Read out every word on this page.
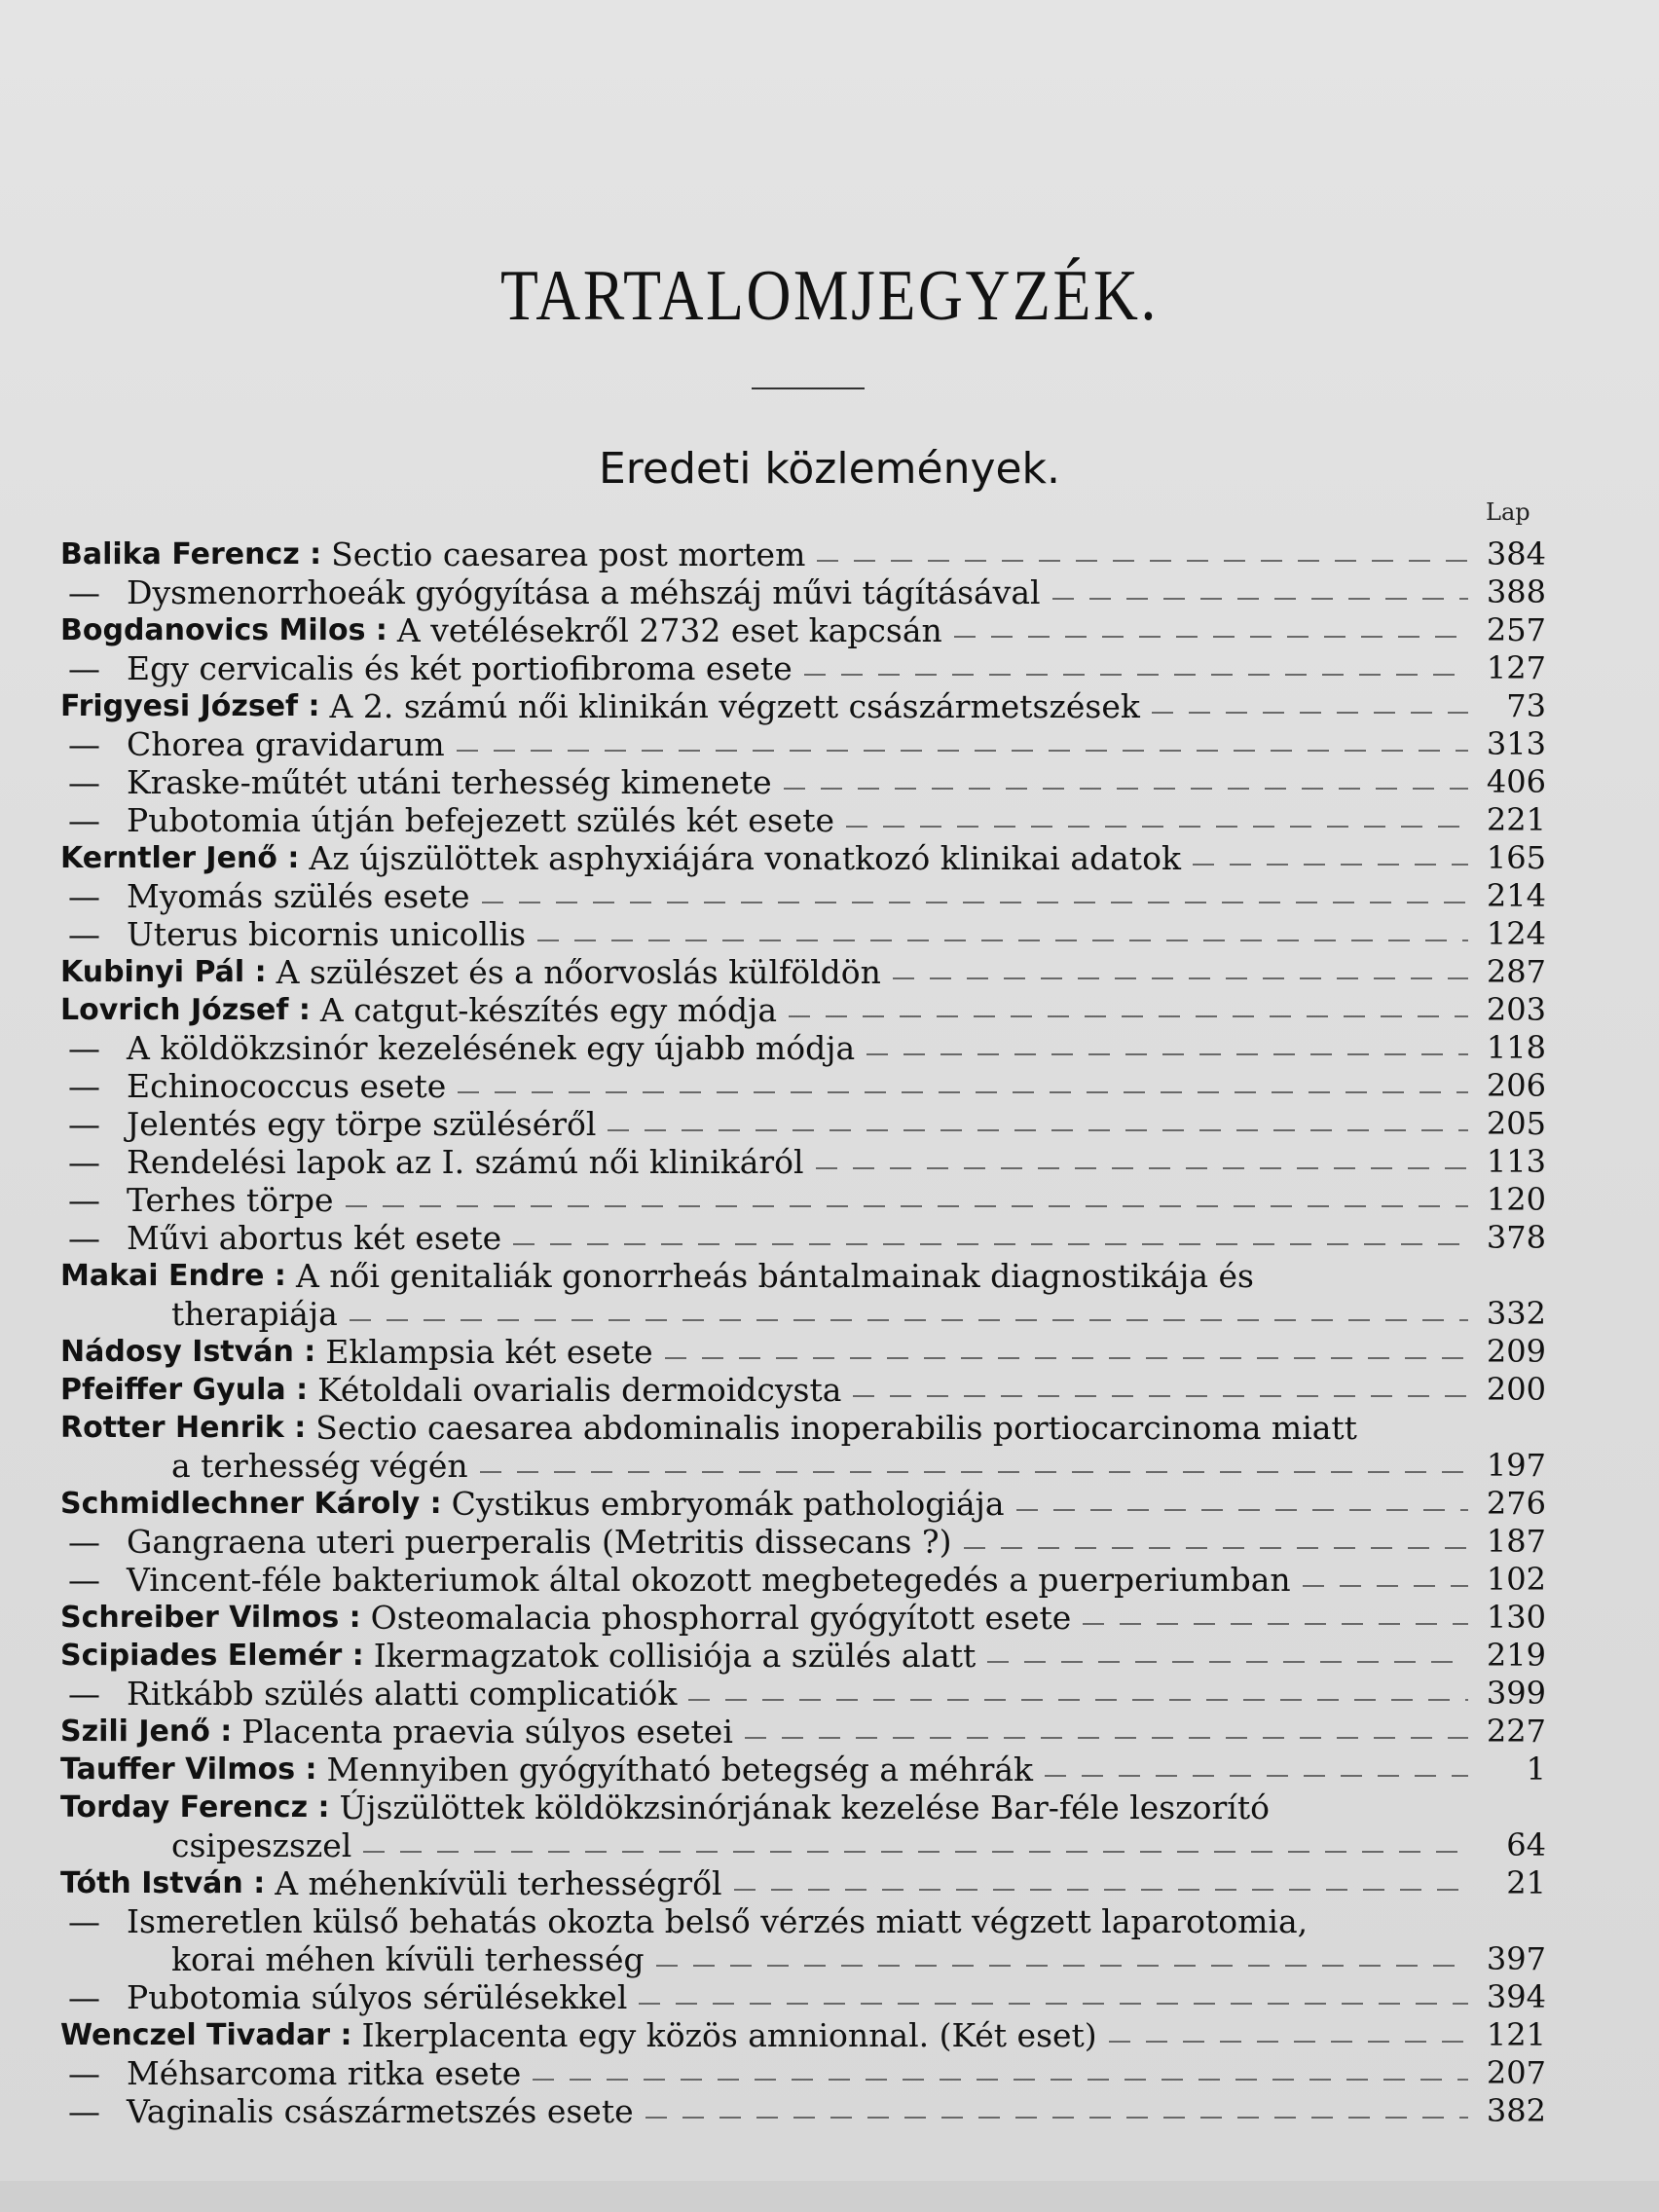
TARTALOMJEGYZÉK.
Eredeti közlemények.
Lap
Balika Ferencz : Sectio caesarea post mortem	384
— Dysmenorrhoeák gyógyítása a méhszáj művi tágításával	388
Bogdanovics Milos : A vetélésekről 2732 eset kapcsán	257
— Egy cervicalis és két portiofibroma esete	127
Frigyesi József : A 2. számú női klinikán végzett császármetszések	73
— Chorea gravidarum	313
— Kraske-műtét utáni terhesség kimenete	406
— Pubotomia útján befejezett szülés két esete	221
Kerntler Jenő : Az újszülöttek asphyxiájára vonatkozó klinikai adatok	165
— Myomás szülés esete	214
— Uterus bicornis unicollis	124
Kubinyi Pál : A szülészet és a nőorvoslás külföldön	287
Lovrich József : A catgut-készítés egy módja	203
— A köldökzsinór kezelésének egy újabb módja	118
— Echinococcus esete	206
— Jelentés egy törpe szüléséről	205
— Rendelési lapok az I. számú női klinikáról	113
— Terhes törpe	120
— Művi abortus két esete	378
Makai Endre : A női genitaliák gonorrheás bántalmainak diagnostikája és
therapiája	332
Nádosy István : Eklampsia két esete	209
Pfeiffer Gyula : Kétoldali ovarialis dermoidcysta	200
Rotter Henrik : Sectio caesarea abdominalis inoperabilis portiocarcinoma miatt
a terhesség végén	197
Schmidlechner Károly : Cystikus embryomák pathologiája	276
— Gangraena uteri puerperalis (Metritis dissecans ?)	187
— Vincent-féle bakteriumok által okozott megbetegedés a puerperiumban	102
Schreiber Vilmos : Osteomalacia phosphorral gyógyított esete	130
Scipiades Elemér : Ikermagzatok collisiója a szülés alatt	219
— Ritkább szülés alatti complicatiók	399
Szili Jenő : Placenta praevia súlyos esetei	227
Tauffer Vilmos : Mennyiben gyógyítható betegség a méhrák	1
Torday Ferencz : Újszülöttek köldökzsinórjának kezelése Bar-féle leszorító
csipeszszel	64
Tóth István : A méhenkívüli terhességről	21
— Ismeretlen külső behatás okozta belső vérzés miatt végzett laparotomia,
korai méhen kívüli terhesség	397
— Pubotomia súlyos sérülésekkel	394
Wenczel Tivadar : Ikerplacenta egy közös amnionnal. (Két eset)	121
— Méhsarcoma ritka esete	207
— Vaginalis császármetszés esete	382
